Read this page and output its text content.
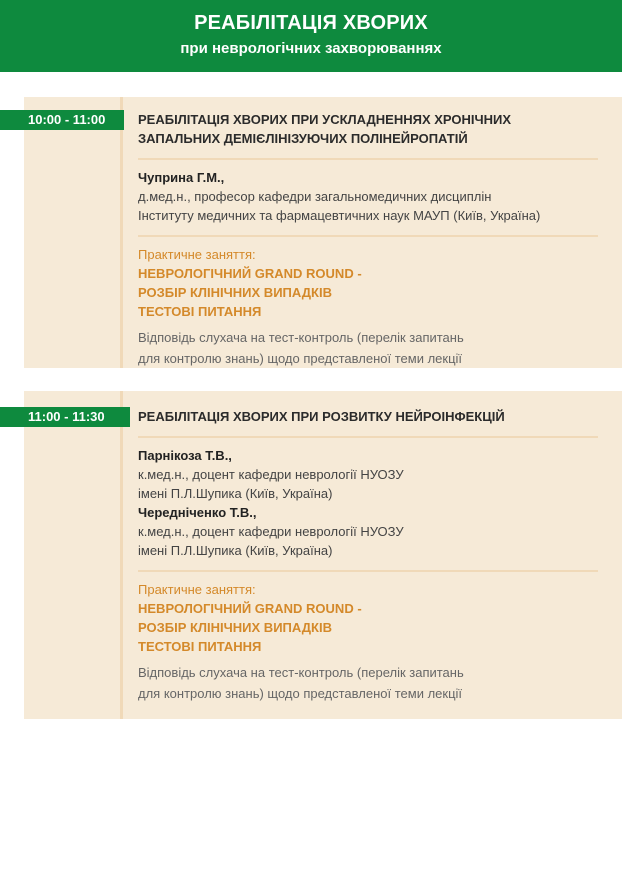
РЕАБІЛІТАЦІЯ ХВОРИХ
при неврологічних захворюваннях
10:00 - 11:00	РЕАБІЛІТАЦІЯ ХВОРИХ ПРИ УСКЛАДНЕННЯХ ХРОНІЧНИХ
ЗАПАЛЬНИХ ДЕМІЄЛІНІЗУЮЧИХ ПОЛІНЕЙРОПАТІЙ
Чуприна Г.М.,
д.мед.н., професор кафедри загальномедичних дисциплін
Інституту медичних та фармацевтичних наук МАУП (Київ, Україна)
Практичне заняття:
НЕВРОЛОГІЧНИЙ GRAND ROUND -
РОЗБІР КЛІНІЧНИХ ВИПАДКІВ
ТЕСТОВІ ПИТАННЯ
Відповідь слухача на тест-контроль (перелік запитань
для контролю знань) щодо представленої теми лекції
11:00 - 11:30	РЕАБІЛІТАЦІЯ ХВОРИХ ПРИ РОЗВИТКУ НЕЙРОІНФЕКЦІЙ
Парнікоза Т.В.,
к.мед.н., доцент кафедри неврології НУОЗУ
імені П.Л.Шупика (Київ, Україна)
Чередніченко Т.В.,
к.мед.н., доцент кафедри неврології НУОЗУ
імені П.Л.Шупика (Київ, Україна)
Практичне заняття:
НЕВРОЛОГІЧНИЙ GRAND ROUND -
РОЗБІР КЛІНІЧНИХ ВИПАДКІВ
ТЕСТОВІ ПИТАННЯ
Відповідь слухача на тест-контроль (перелік запитань
для контролю знань) щодо представленої теми лекції
